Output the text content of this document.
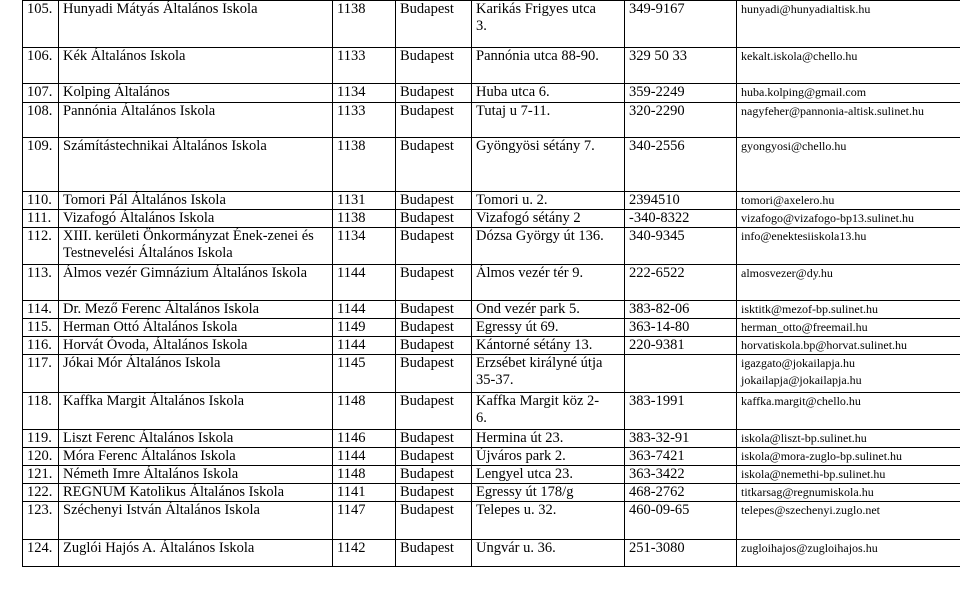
105.	Hunyadi Mátyás Általános Iskola	1138	Budapest	Karikás Frigyes utca
3.	349-9167	hunyadi@hunyadialtisk.hu

106.	Kék Általános Iskola	1133	Budapest	Pannónia utca 88-90.	329 50 33	kekalt.iskola@chello.hu

107.	Kolping Általános	1134	Budapest	Huba utca 6.	359-2249	huba.kolping@gmail.com

108.	Pannónia Általános Iskola	1133	Budapest	Tutaj u 7-11.	320-2290	nagyfeher@pannonia-altisk.sulinet.hu

109.	Számítástechnikai Általános Iskola	1138	Budapest	Gyöngyösi sétány 7.	340-2556	gyongyosi@chello.hu

110.	Tomori Pál Általános Iskola	1131	Budapest	Tomori u. 2.	2394510	tomori@axelero.hu

111.	Vizafogó Általános Iskola	1138	Budapest	Vizafogó sétány 2	-340-8322	vizafogo@vizafogo-bp13.sulinet.hu

112.	XIII. kerületi Önkormányzat Ének-zenei és Testnevelési Általános Iskola	1134	Budapest	Dózsa György út 136.	340-9345	info@enektesiiskola13.hu

113.	Álmos vezér Gimnázium Általános Iskola	1144	Budapest	Álmos vezér tér 9.	222-6522	almosvezer@dy.hu

114.	Dr. Mező Ferenc Általános Iskola	1144	Budapest	Ond vezér park 5.	383-82-06	isktitk@mezof-bp.sulinet.hu

115.	Herman Ottó Általános Iskola	1149	Budapest	Egressy út 69.	363-14-80	herman_otto@freemail.hu

116.	Horvát Óvoda, Általános Iskola	1144	Budapest	Kántorné sétány 13.	220-9381	horvatiskola.bp@horvat.sulinet.hu

117.	Jókai Mór Általános Iskola	1145	Budapest	Erzsébet királyné útja
35-37.		igazgato@jokailapja.hu
jokailapja@jokailapja.hu

118.	Kaffka Margit Általános Iskola	1148	Budapest	Kaffka Margit köz 2-
6.	383-1991	kaffka.margit@chello.hu

119.	Liszt Ferenc Általános Iskola	1146	Budapest	Hermina út 23.	383-32-91	iskola@liszt-bp.sulinet.hu

120.	Móra Ferenc Általános Iskola	1144	Budapest	Újváros park 2.	363-7421	iskola@mora-zuglo-bp.sulinet.hu

121.	Németh Imre Általános Iskola	1148	Budapest	Lengyel utca 23.	363-3422	iskola@nemethi-bp.sulinet.hu

122.	REGNUM Katolikus Általános Iskola	1141	Budapest	Egressy út 178/g	468-2762	titkarsag@regnumiskola.hu

123.	Széchenyi István Általános Iskola	1147	Budapest	Telepes u. 32.	460-09-65	telepes@szechenyi.zuglo.net

124.	Zuglói Hajós A. Általános Iskola	1142	Budapest	Ungvár u. 36.	251-3080	zugloihajos@zugloihajos.hu
